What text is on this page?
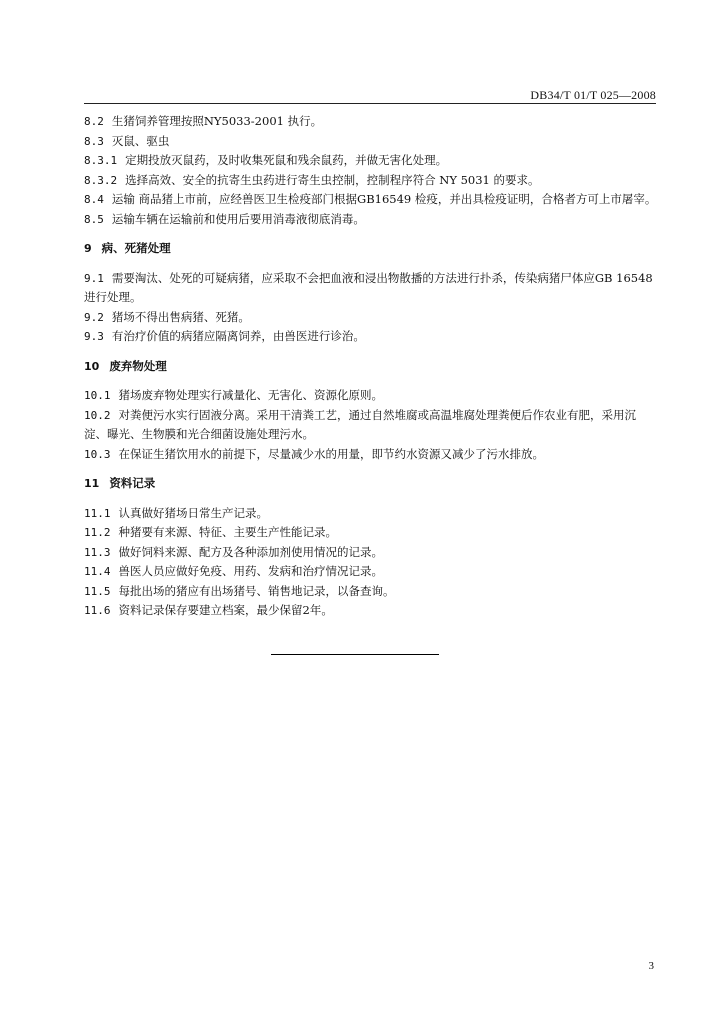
DB34/T 01/T 025—2008
8.2 生猪饲养管理按照NY5033-2001 执行。
8.3 灭鼠、驱虫
8.3.1 定期投放灭鼠药，及时收集死鼠和残余鼠药，并做无害化处理。
8.3.2 选择高效、安全的抗寄生虫药进行寄生虫控制，控制程序符合 NY 5031 的要求。
8.4 运输 商品猪上市前，应经兽医卫生检疫部门根据GB16549 检疫，并出具检疫证明，合格者方可上市屠宰。
8.5 运输车辆在运输前和使用后要用消毒液彻底消毒。
9 病、死猪处理
9.1 需要淘汰、处死的可疑病猪，应采取不会把血液和浸出物散播的方法进行扑杀，传染病猪尸体应GB 16548进行处理。
9.2 猪场不得出售病猪、死猪。
9.3 有治疗价值的病猪应隔离饲养，由兽医进行诊治。
10 废弃物处理
10.1 猪场废弃物处理实行减量化、无害化、资源化原则。
10.2 对粪便污水实行固液分离。采用干清粪工艺，通过自然堆腐或高温堆腐处理粪便后作农业有肥，采用沉淀、曝光、生物膜和光合细菌设施处理污水。
10.3 在保证生猪饮用水的前提下，尽量减少水的用量，即节约水资源又减少了污水排放。
11 资料记录
11.1 认真做好猪场日常生产记录。
11.2 种猪要有来源、特征、主要生产性能记录。
11.3 做好饲料来源、配方及各种添加剂使用情况的记录。
11.4 兽医人员应做好免疫、用药、发病和治疗情况记录。
11.5 每批出场的猪应有出场猪号、销售地记录，以备查询。
11.6 资料记录保存要建立档案，最少保留2年。
3
